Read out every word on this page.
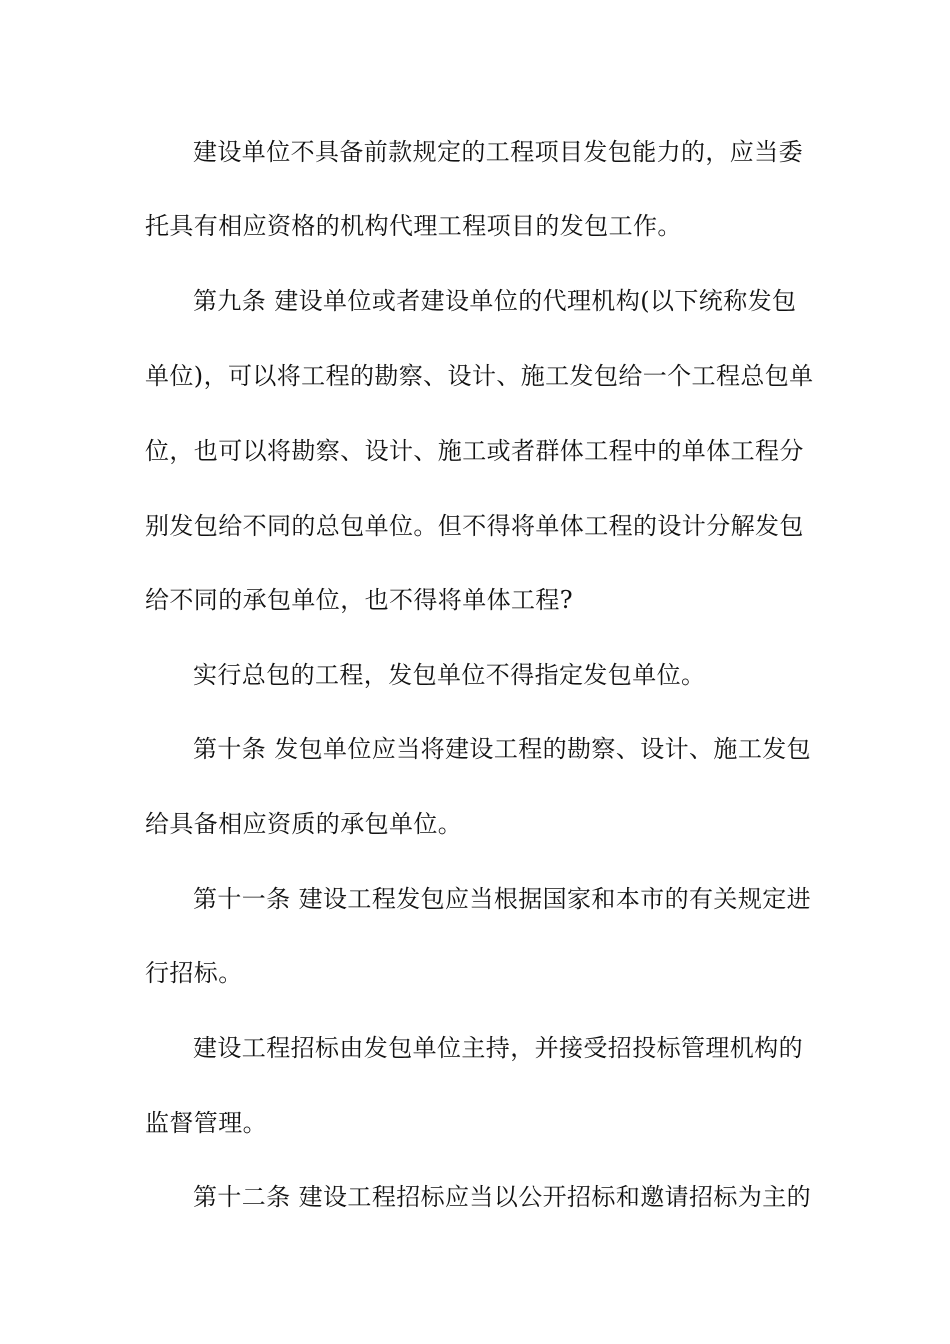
建设单位不具备前款规定的工程项目发包能力的，应当委
托具有相应资格的机构代理工程项目的发包工作。
第九条 建设单位或者建设单位的代理机构(以下统称发包
单位)，可以将工程的勘察、设计、施工发包给一个工程总包单
位，也可以将勘察、设计、施工或者群体工程中的单体工程分
别发包给不同的总包单位。但不得将单体工程的设计分解发包
给不同的承包单位，也不得将单体工程?
实行总包的工程，发包单位不得指定发包单位。
第十条 发包单位应当将建设工程的勘察、设计、施工发包
给具备相应资质的承包单位。
第十一条 建设工程发包应当根据国家和本市的有关规定进
行招标。
建设工程招标由发包单位主持，并接受招投标管理机构的
监督管理。
第十二条 建设工程招标应当以公开招标和邀请招标为主的
